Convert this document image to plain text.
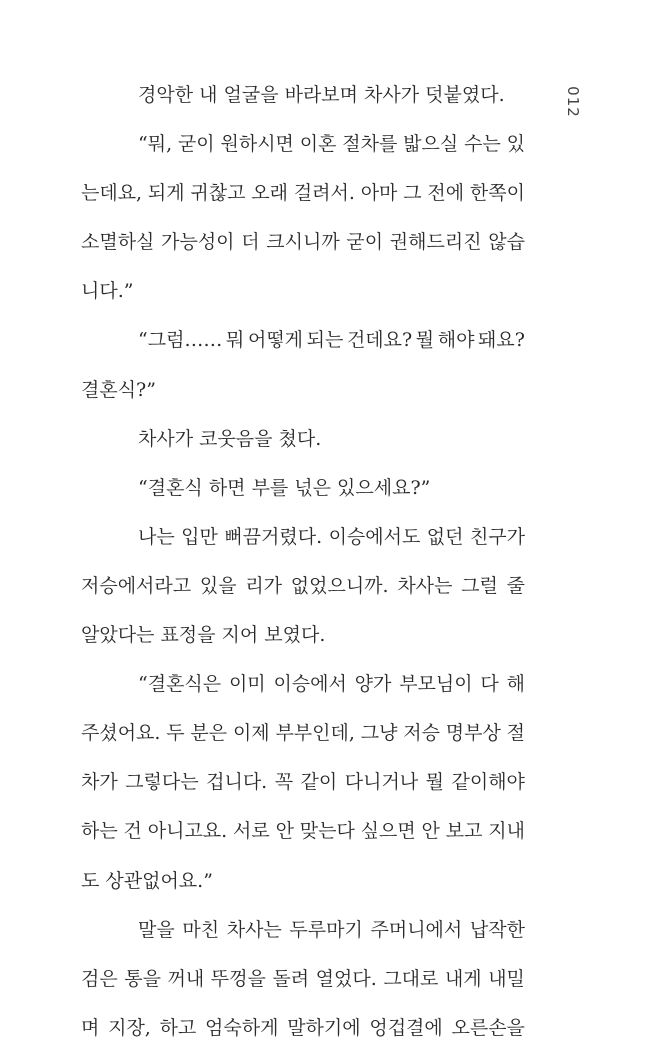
012
경악한 내 얼굴을 바라보며 차사가 덧붙였다.
“뭐, 굳이 원하시면 이혼 절차를 밟으실 수는 있
는데요, 되게 귀찮고 오래 걸려서. 아마 그 전에 한쪽이
소멸하실 가능성이 더 크시니까 굳이 권해드리진 않습
니다.”
“그럼…… 뭐 어떻게 되는 건데요? 뭘 해야 돼요?
결혼식?”
차사가 코웃음을 쳤다.
“결혼식 하면 부를 넋은 있으세요?”
나는 입만 뻐끔거렸다. 이승에서도 없던 친구가
저승에서라고 있을 리가 없었으니까. 차사는 그럴 줄
알았다는 표정을 지어 보였다.
“결혼식은 이미 이승에서 양가 부모님이 다 해
주셨어요. 두 분은 이제 부부인데, 그냥 저승 명부상 절
차가 그렇다는 겁니다. 꼭 같이 다니거나 뭘 같이해야
하는 건 아니고요. 서로 안 맞는다 싶으면 안 보고 지내
도 상관없어요.”
말을 마친 차사는 두루마기 주머니에서 납작한
검은 통을 꺼내 뚜껑을 돌려 열었다. 그대로 내게 내밀
며 지장, 하고 엄숙하게 말하기에 엉겁결에 오른손을
